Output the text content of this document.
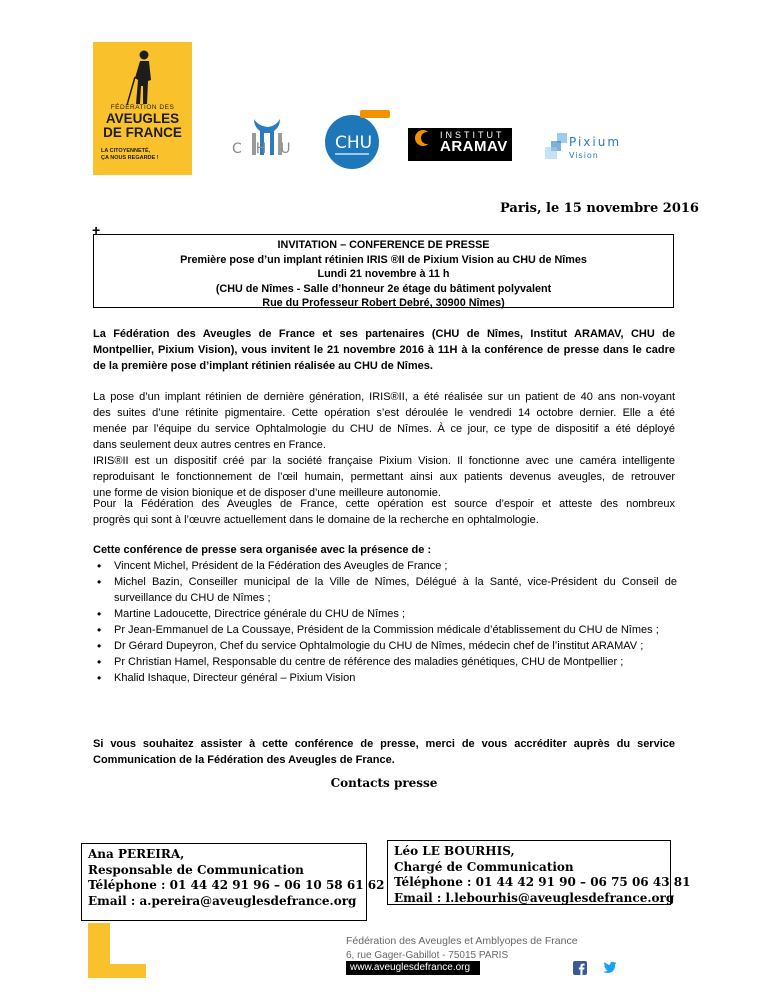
FÉDÉRATION DES
AVEUGLES
DE FRANCE
LA CITOYENNETÉ,
ÇA NOUS REGARDE !
CHU CHU	INSTITUT
ARAMAV	Pixium
Vision
Paris, le 15 novembre 2016
+
INVITATION – CONFERENCE DE PRESSE
Première pose d’un implant rétinien IRIS ®II de Pixium Vision au CHU de Nîmes
Lundi 21 novembre à 11 h
(CHU de Nîmes - Salle d’honneur 2e étage du bâtiment polyvalent
Rue du Professeur Robert Debré, 30900 Nîmes)
La Fédération des Aveugles de France et ses partenaires (CHU de Nîmes, Institut ARAMAV, CHU de
Montpellier, Pixium Vision), vous invitent le 21 novembre 2016 à 11H à la conférence de presse dans le cadre
de la première pose d’implant rétinien réalisée au CHU de Nîmes.
La pose d’un implant rétinien de dernière génération, IRIS®II, a été réalisée sur un patient de 40 ans non-voyant
des suites d’une rétinite pigmentaire. Cette opération s’est déroulée le vendredi 14 octobre dernier. Elle a été
menée par l’équipe du service Ophtalmologie du CHU de Nîmes. À ce jour, ce type de dispositif a été déployé
dans seulement deux autres centres en France.
IRIS®II est un dispositif créé par la société française Pixium Vision. Il fonctionne avec une caméra intelligente
reproduisant le fonctionnement de l’œil humain, permettant ainsi aux patients devenus aveugles, de retrouver
une forme de vision bionique et de disposer d’une meilleure autonomie.
Pour la Fédération des Aveugles de France, cette opération est source d’espoir et atteste des nombreux
progrès qui sont à l’œuvre actuellement dans le domaine de la recherche en ophtalmologie.
Cette conférence de presse sera organisée avec la présence de :
• Vincent Michel, Président de la Fédération des Aveugles de France ;
• Michel Bazin, Conseiller municipal de la Ville de Nîmes, Délégué à la Santé, vice-Président du Conseil de surveillance du CHU de Nîmes ;
• Martine Ladoucette, Directrice générale du CHU de Nîmes ;
• Pr Jean-Emmanuel de La Coussaye, Président de la Commission médicale d’établissement du CHU de Nîmes ;
• Dr Gérard Dupeyron, Chef du service Ophtalmologie du CHU de Nîmes, médecin chef de l’institut ARAMAV ;
• Pr Christian Hamel, Responsable du centre de référence des maladies génétiques, CHU de Montpellier ;
• Khalid Ishaque, Directeur général – Pixium Vision
Si vous souhaitez assister à cette conférence de presse, merci de vous accréditer auprès du service
Communication de la Fédération des Aveugles de France.
Contacts presse
Ana PEREIRA,
Responsable de Communication
Téléphone : 01 44 42 91 96 – 06 10 58 61 62
Email : a.pereira@aveuglesdefrance.org
Léo LE BOURHIS,
Chargé de Communication
Téléphone : 01 44 42 91 90 – 06 75 06 43 81
Email : l.lebourhis@aveuglesdefrance.org
Fédération des Aveugles et Amblyopes de France
6, rue Gager-Gabillot - 75015 PARIS
www.aveuglesdefrance.org
